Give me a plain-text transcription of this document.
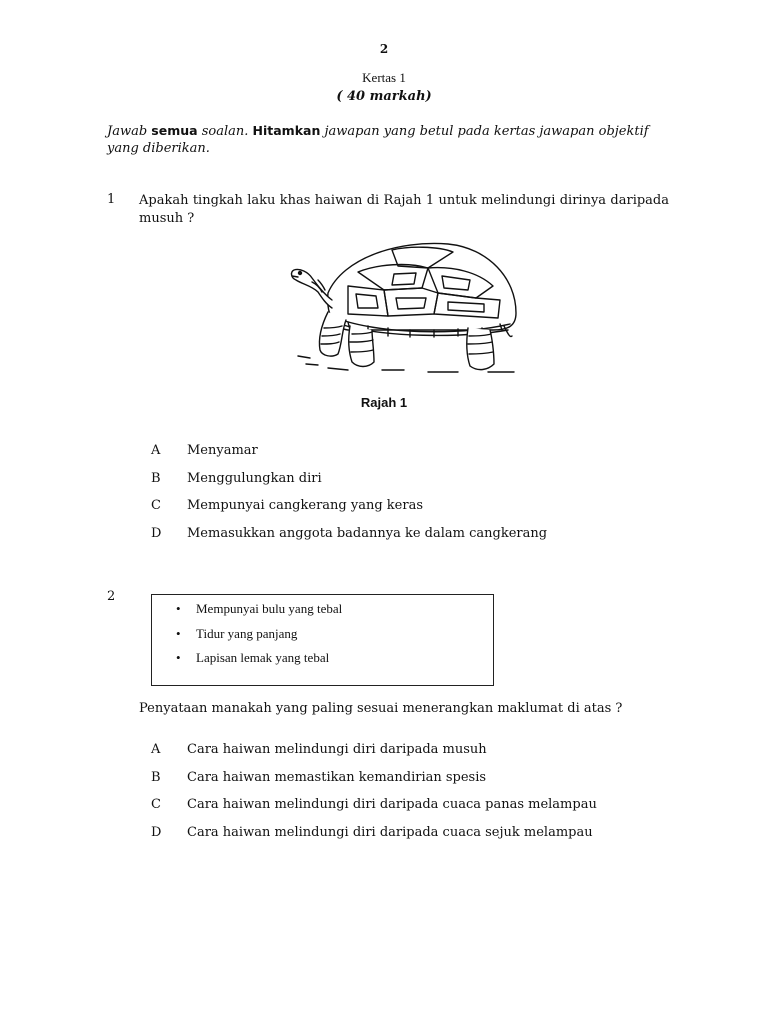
2
Kertas 1
( 40 markah)
Jawab semua soalan. Hitamkan jawapan yang betul pada kertas jawapan objektif yang diberikan.
1 Apakah tingkah laku khas haiwan di Rajah 1 untuk melindungi dirinya daripada musuh ?
Rajah 1
A Menyamar
B Menggulungkan diri
C Mempunyai cangkerang yang keras
D Memasukkan anggota badannya ke dalam cangkerang
2
• Mempunyai bulu yang tebal
• Tidur yang panjang
• Lapisan lemak yang tebal
Penyataan manakah yang paling sesuai menerangkan maklumat di atas ?
A Cara haiwan melindungi diri daripada musuh
B Cara haiwan memastikan kemandirian spesis
C Cara haiwan melindungi diri daripada cuaca panas melampau
D Cara haiwan melindungi diri daripada cuaca sejuk melampau
